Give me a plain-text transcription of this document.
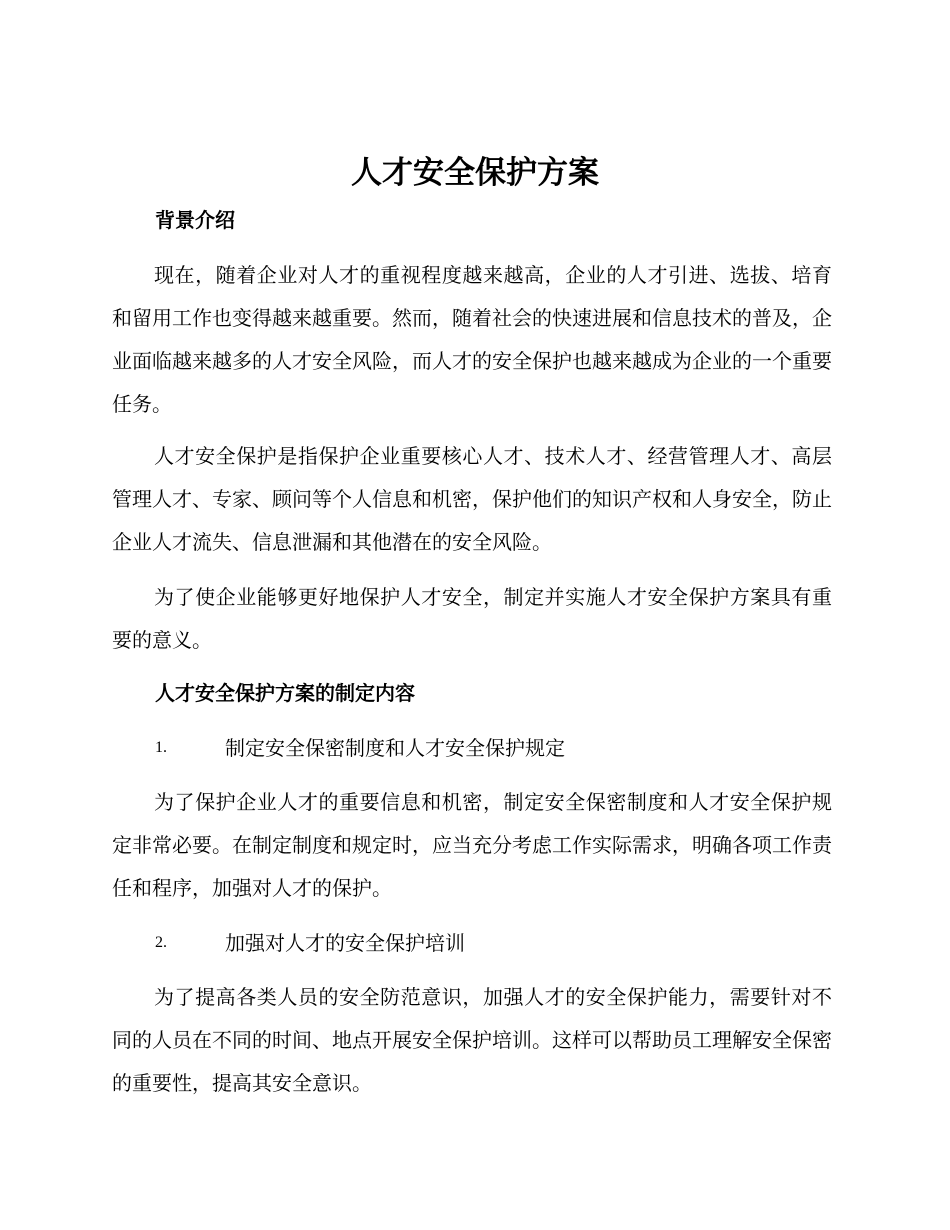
人才安全保护方案
背景介绍

现在，随着企业对人才的重视程度越来越高，企业的人才引进、选拔、培育和留用工作也变得越来越重要。然而，随着社会的快速进展和信息技术的普及，企业面临越来越多的人才安全风险，而人才的安全保护也越来越成为企业的一个重要任务。

人才安全保护是指保护企业重要核心人才、技术人才、经营管理人才、高层管理人才、专家、顾问等个人信息和机密，保护他们的知识产权和人身安全，防止企业人才流失、信息泄漏和其他潜在的安全风险。

为了使企业能够更好地保护人才安全，制定并实施人才安全保护方案具有重要的意义。

人才安全保护方案的制定内容
1.	制定安全保密制度和人才安全保护规定

为了保护企业人才的重要信息和机密，制定安全保密制度和人才安全保护规定非常必要。在制定制度和规定时，应当充分考虑工作实际需求，明确各项工作责任和程序，加强对人才的保护。

2.	加强对人才的安全保护培训

为了提高各类人员的安全防范意识，加强人才的安全保护能力，需要针对不同的人员在不同的时间、地点开展安全保护培训。这样可以帮助员工理解安全保密的重要性，提高其安全意识。
